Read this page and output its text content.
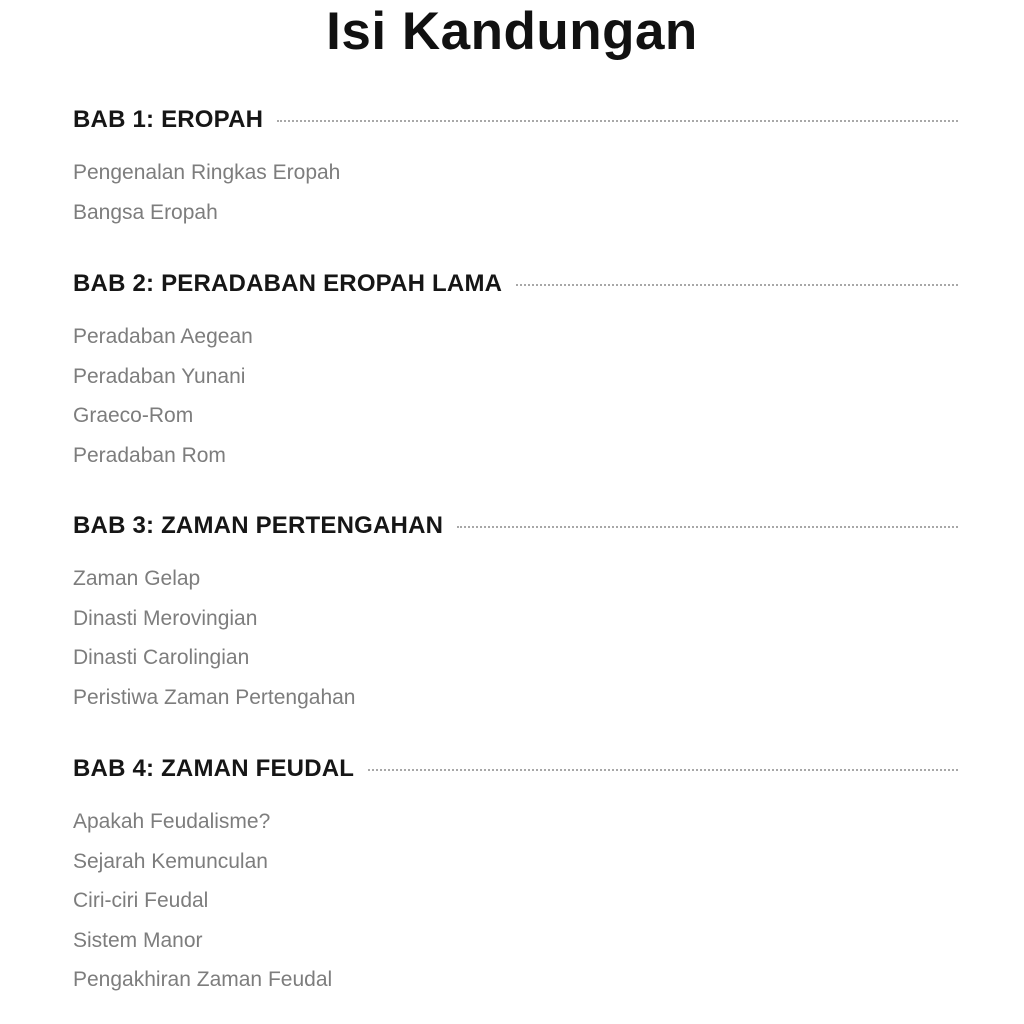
Isi Kandungan
BAB 1: EROPAH
Pengenalan Ringkas Eropah
Bangsa Eropah
BAB 2: PERADABAN EROPAH LAMA
Peradaban Aegean
Peradaban Yunani
Graeco-Rom
Peradaban Rom
BAB 3: ZAMAN PERTENGAHAN
Zaman Gelap
Dinasti Merovingian
Dinasti Carolingian
Peristiwa Zaman Pertengahan
BAB 4: ZAMAN FEUDAL
Apakah Feudalisme?
Sejarah Kemunculan
Ciri-ciri Feudal
Sistem Manor
Pengakhiran Zaman Feudal
